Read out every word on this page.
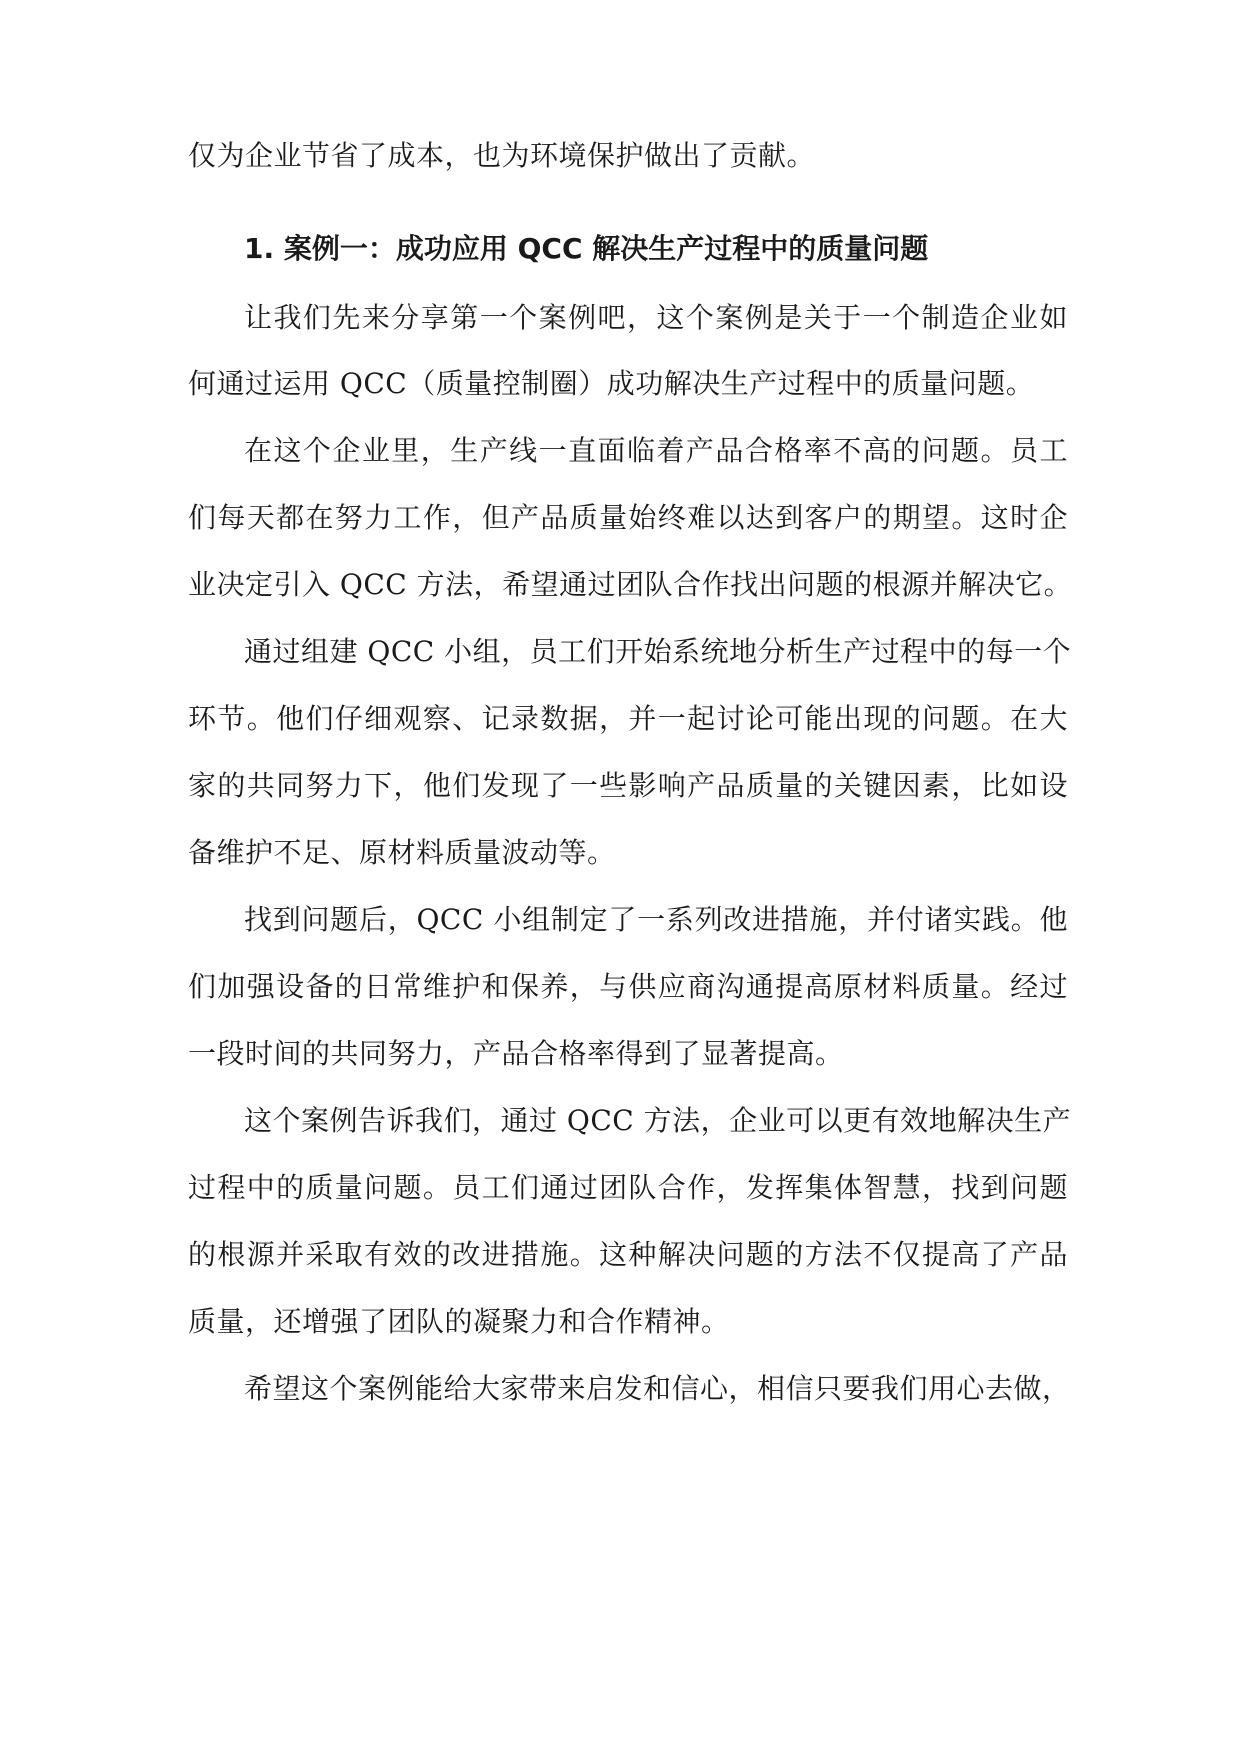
仅为企业节省了成本，也为环境保护做出了贡献。
1. 案例一：成功应用 QCC 解决生产过程中的质量问题
让我们先来分享第一个案例吧，这个案例是关于一个制造企业如
何通过运用 QCC（质量控制圈）成功解决生产过程中的质量问题。
在这个企业里，生产线一直面临着产品合格率不高的问题。员工
们每天都在努力工作，但产品质量始终难以达到客户的期望。这时企
业决定引入 QCC 方法，希望通过团队合作找出问题的根源并解决它。
通过组建 QCC 小组，员工们开始系统地分析生产过程中的每一个
环节。他们仔细观察、记录数据，并一起讨论可能出现的问题。在大
家的共同努力下，他们发现了一些影响产品质量的关键因素，比如设
备维护不足、原材料质量波动等。
找到问题后，QCC 小组制定了一系列改进措施，并付诸实践。他
们加强设备的日常维护和保养，与供应商沟通提高原材料质量。经过
一段时间的共同努力，产品合格率得到了显著提高。
这个案例告诉我们，通过 QCC 方法，企业可以更有效地解决生产
过程中的质量问题。员工们通过团队合作，发挥集体智慧，找到问题
的根源并采取有效的改进措施。这种解决问题的方法不仅提高了产品
质量，还增强了团队的凝聚力和合作精神。
希望这个案例能给大家带来启发和信心，相信只要我们用心去做，
